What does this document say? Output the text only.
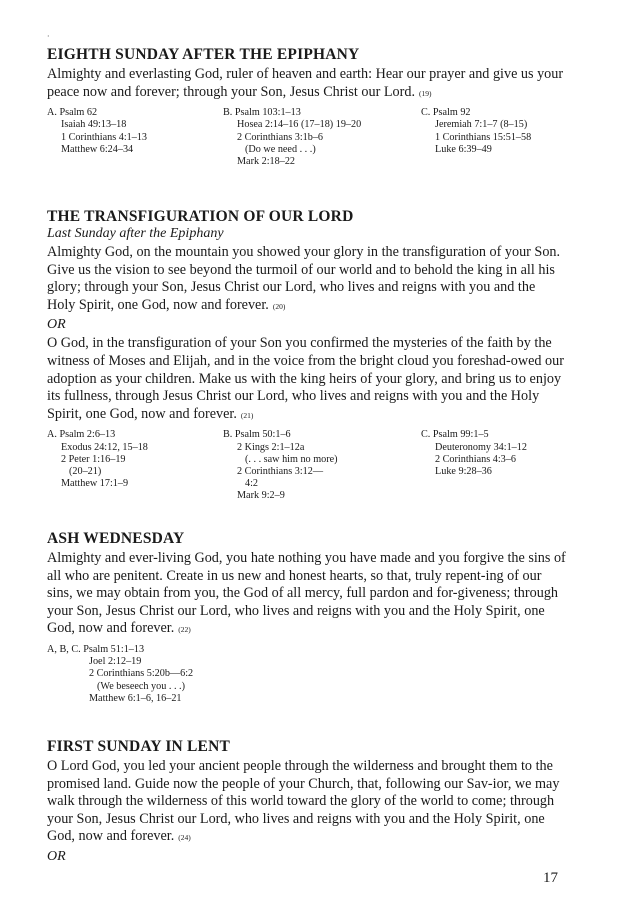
·
EIGHTH SUNDAY AFTER THE EPIPHANY

Almighty and everlasting God, ruler of heaven and earth: Hear our prayer and give us your peace now and forever; through your Son, Jesus Christ our Lord. (19)

A. Psalm 62

Isaiah 49:13–18

1 Corinthians 4:1–13

Matthew 6:24–34

B. Psalm 103:1–13

Hosea 2:14–16 (17–18) 19–20

2 Corinthians 3:1b–6

(Do we need . . .)

Mark 2:18–22

C. Psalm 92

Jeremiah 7:1–7 (8–15)

1 Corinthians 15:51–58

Luke 6:39–49

THE TRANSFIGURATION OF OUR LORD

Last Sunday after the Epiphany

Almighty God, on the mountain you showed your glory in the transfiguration of your Son. Give us the vision to see beyond the turmoil of our world and to behold the king in all his glory; through your Son, Jesus Christ our Lord, who lives and reigns with you and the Holy Spirit, one God, now and forever. (20)

OR

O God, in the transfiguration of your Son you confirmed the mysteries of the faith by the witness of Moses and Elijah, and in the voice from the bright cloud you foreshad-owed our adoption as your children. Make us with the king heirs of your glory, and bring us to enjoy its fullness, through Jesus Christ our Lord, who lives and reigns with you and the Holy Spirit, one God, now and forever. (21)

A. Psalm 2:6–13

Exodus 24:12, 15–18

2 Peter 1:16–19

(20–21)

Matthew 17:1–9

B. Psalm 50:1–6

2 Kings 2:1–12a

(. . . saw him no more)

2 Corinthians 3:12—

4:2

Mark 9:2–9

C. Psalm 99:1–5

Deuteronomy 34:1–12

2 Corinthians 4:3–6

Luke 9:28–36

ASH WEDNESDAY

Almighty and ever-living God, you hate nothing you have made and you forgive the sins of all who are penitent. Create in us new and honest hearts, so that, truly repent-ing of our sins, we may obtain from you, the God of all mercy, full pardon and for-giveness; through your Son, Jesus Christ our Lord, who lives and reigns with you and the Holy Spirit, one God, now and forever. (22)

A, B, C. Psalm 51:1–13

Joel 2:12–19

2 Corinthians 5:20b—6:2

(We beseech you . . .)

Matthew 6:1–6, 16–21

FIRST SUNDAY IN LENT

O Lord God, you led your ancient people through the wilderness and brought them to the promised land. Guide now the people of your Church, that, following our Sav-ior, we may walk through the wilderness of this world toward the glory of the world to come; through your Son, Jesus Christ our Lord, who lives and reigns with you and the Holy Spirit, one God, now and forever. (24)

OR

17
